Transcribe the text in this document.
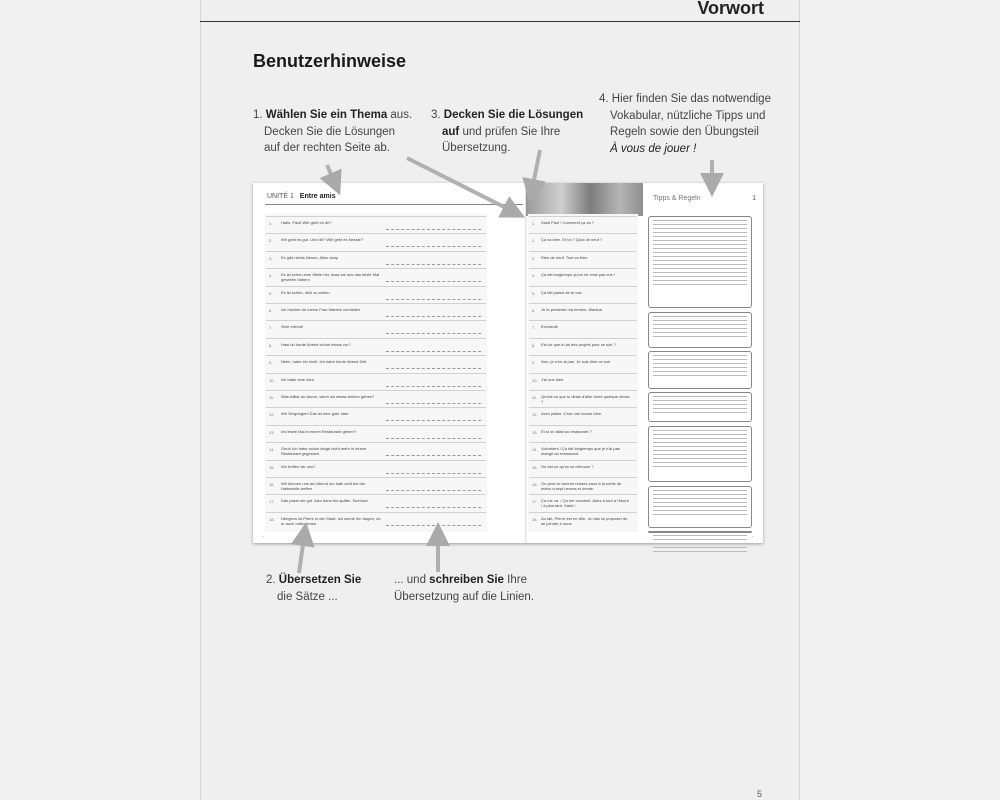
Vorwort
Benutzerhinweise
1. Wählen Sie ein Thema aus.
Decken Sie die Lösungen
auf der rechten Seite ab.
3. Decken Sie die Lösungen
auf und prüfen Sie Ihre
Übersetzung.
4. Hier finden Sie das notwendige

Vokabular, nützliche Tipps und
Regeln sowie den Übungsteil
À vous de jouer !
2. Übersetzen Sie
die Sätze ...
... und schreiben Sie Ihre
Übersetzung auf die Linien.
UNITÉ 1 Entre amis	Tipps & Regeln	1
1. Hallo, Paul! Wie geht es dir?
2. Wir geht es gut. Und dir? Wie geht es Nessie?
3. Es gibt nichts Neues. Alles okay.
4. Es ist schon eine Weile her, dass wir uns das letzte Mal gesehen haben!
5. Es ist schön, dich zu sehen.
6. Ich möchte dir meine Frau Martine vorstellen.
7. Sehr erfreut!
8. Hast du heute Abend schon etwas vor?
9. Nein!, habe ich nicht. Ich habe heute Abend Zeit.
10. Ich habe eine Idee.
11. Was hältst du davon, wenn wir etwas trinken gehen?
12. Wir Vergnügen! Das ist eine gute Idee.
13. Ins letzte Mal in einem Restaurant gehen?
14. Gern! Ich habe schon lange nicht mehr in einem Restaurant gegessen.
15. Wo treffen wir uns?
16. Wir können uns am Abend um halb acht bei der Haltestelle treffen.
17. Das passt mir gut. Also dann bis später. Tschüss!
18. Übrigens ist Pierre in der Stadt. Ich werde ihn fragen, ob er auch mitkommen.
1. Salut Paul ! Comment ça va ?
2. Ça va bien. Et toi ? Quoi de neuf ?
3. Rien de neuf. Tout va bien.
4. Ça fait longtemps qu'on ne s'est pas vus !
5. Ça fait plaisir de te voir.
6. Je te présente ma femme, Martine.
7. Enchanté.
8. Est-ce que tu as des projets pour ce soir ?
9. Non, je n'en ai pas. Je suis libre ce soir.
10. J'ai une idée.
11. Qu'est-ce que tu dirais d'aller boire quelque chose ?
12. Avec plaisir. C'est une bonne idée.
13. Et si on allait au restaurant ?
14. Volontiers ! Ça fait longtemps que je n'ai pas mangé au restaurant.
15. Où est-ce qu'on se retrouve ?
16. On peut se donner rendez-vous à la sortie du métro à sept heures et demie.
17. Ça me va. / Ça me convient. Alors à tout à l'heure / à plus tard. Salut !
18. Au fait, Pierre est en ville. Je vais lui proposer de se joindre à nous.
‹	›
5
